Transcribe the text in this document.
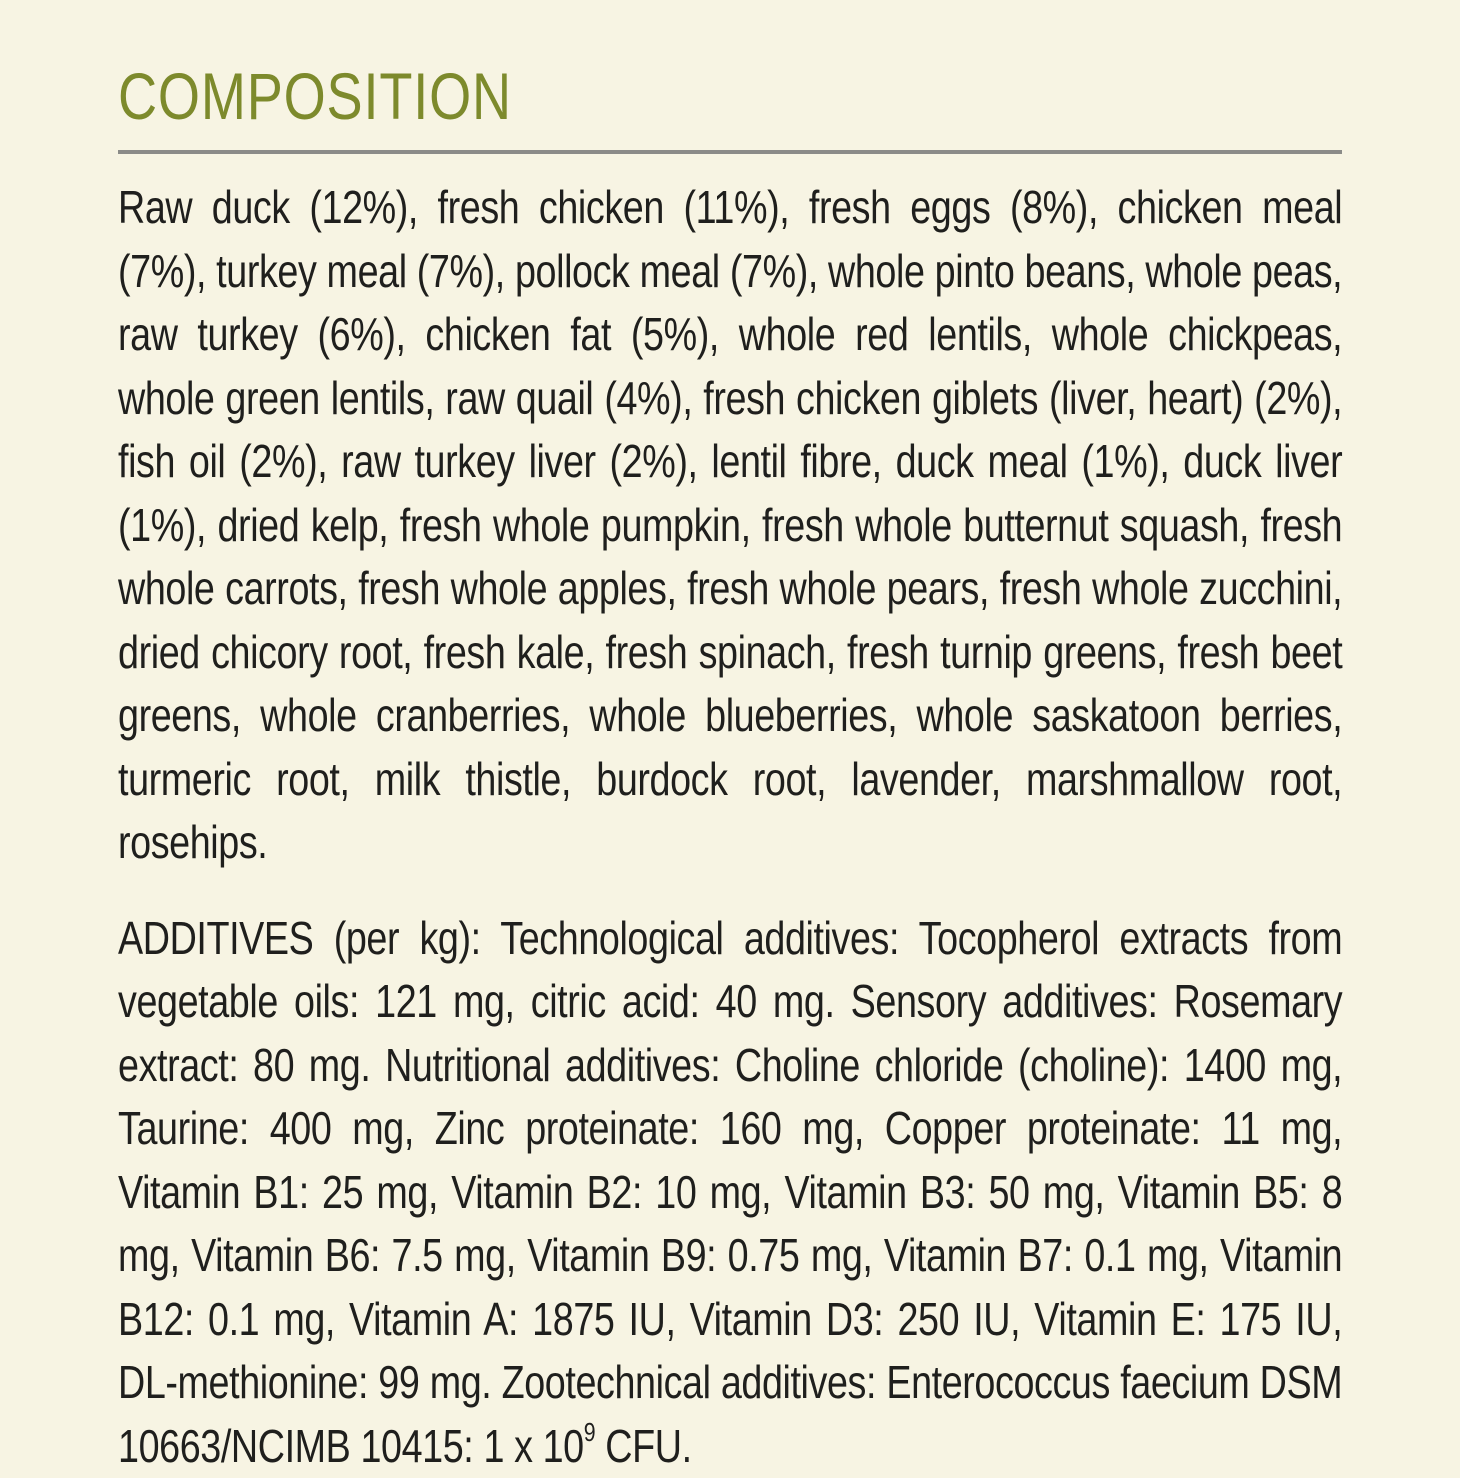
COMPOSITION

Raw duck (12%), fresh chicken (11%), fresh eggs (8%), chicken meal (7%), turkey meal (7%), pollock meal (7%), whole pinto beans, whole peas, raw turkey (6%), chicken fat (5%), whole red lentils, whole chickpeas, whole green lentils, raw quail (4%), fresh chicken giblets (liver, heart) (2%), fish oil (2%), raw turkey liver (2%), lentil fibre, duck meal (1%), duck liver (1%), dried kelp, fresh whole pumpkin, fresh whole butternut squash, fresh whole carrots, fresh whole apples, fresh whole pears, fresh whole zucchini, dried chicory root, fresh kale, fresh spinach, fresh turnip greens, fresh beet greens, whole cranberries, whole blueberries, whole saskatoon berries, turmeric root, milk thistle, burdock root, lavender, marshmallow root, rosehips.

ADDITIVES (per kg): Technological additives: Tocopherol extracts from vegetable oils: 121 mg, citric acid: 40 mg. Sensory additives: Rosemary extract: 80 mg. Nutritional additives: Choline chloride (choline): 1400 mg, Taurine: 400 mg, Zinc proteinate: 160 mg, Copper proteinate: 11 mg, Vitamin B1: 25 mg, Vitamin B2: 10 mg, Vitamin B3: 50 mg, Vitamin B5: 8 mg, Vitamin B6: 7.5 mg, Vitamin B9: 0.75 mg, Vitamin B7: 0.1 mg, Vitamin B12: 0.1 mg, Vitamin A: 1875 IU, Vitamin D3: 250 IU, Vitamin E: 175 IU, DL-methionine: 99 mg. Zootechnical additives: Enterococcus faecium DSM 10663/NCIMB 10415: 1 x $10^9$ CFU.
